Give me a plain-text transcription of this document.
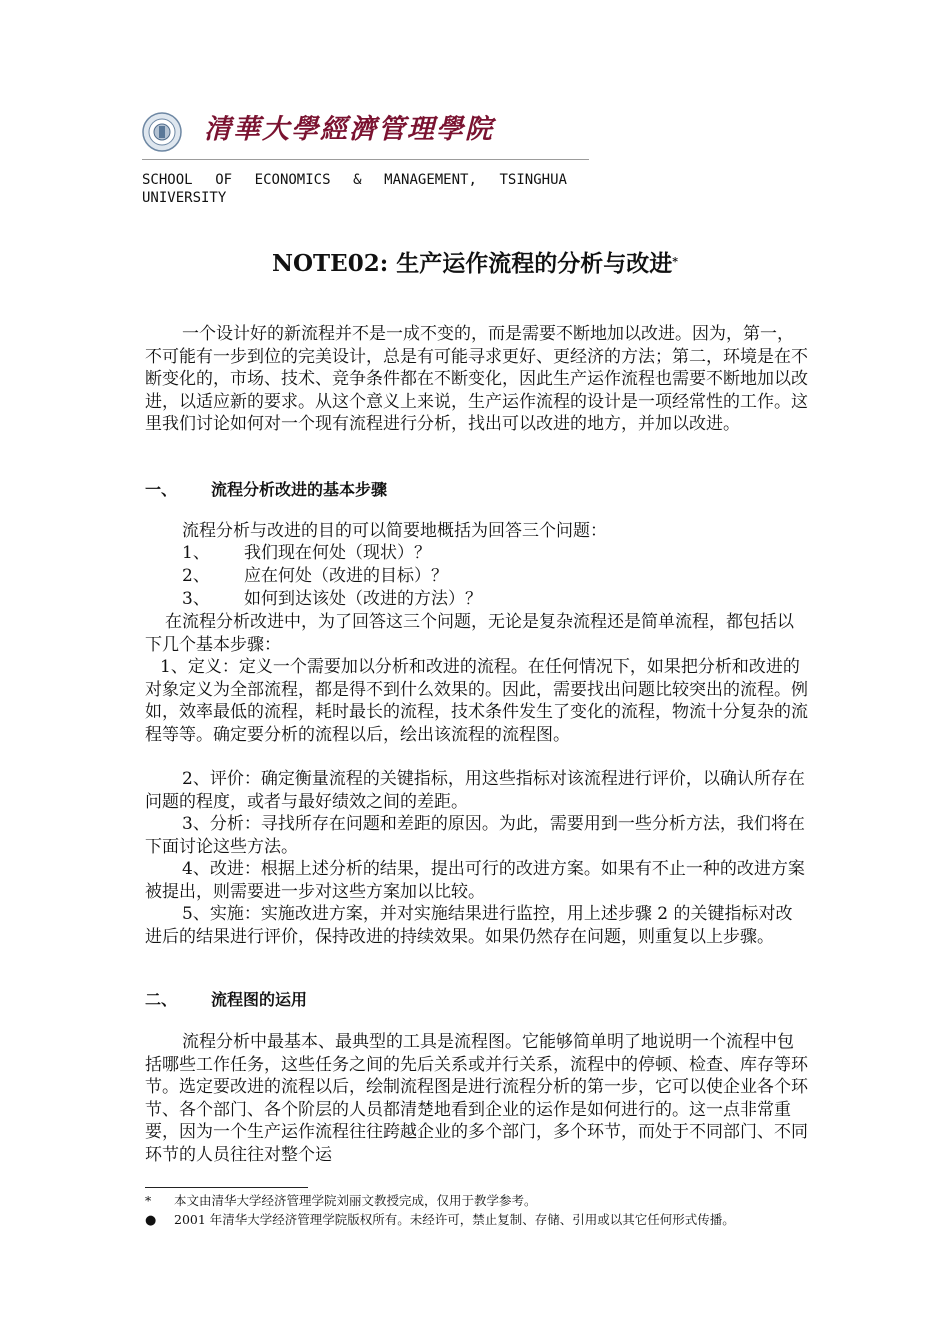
清華大學經濟管理學院
SCHOOL OF ECONOMICS & MANAGEMENT, TSINGHUA
UNIVERSITY
NOTE02: 生产运作流程的分析与改进*

一个设计好的新流程并不是一成不变的，而是需要不断地加以改进。因为，第一，不可能有一步到位的完美设计，总是有可能寻求更好、更经济的方法；第二，环境是在不断变化的，市场、技术、竞争条件都在不断变化，因此生产运作流程也需要不断地加以改进，以适应新的要求。从这个意义上来说，生产运作流程的设计是一项经常性的工作。这里我们讨论如何对一个现有流程进行分析，找出可以改进的地方，并加以改进。

一、 流程分析改进的基本步骤

流程分析与改进的目的可以简要地概括为回答三个问题：

1、 我们现在何处（现状）？
2、 应在何处（改进的目标）？
3、 如何到达该处（改进的方法）？

在流程分析改进中，为了回答这三个问题，无论是复杂流程还是简单流程，都包括以下几个基本步骤：

1、定义：定义一个需要加以分析和改进的流程。在任何情况下，如果把分析和改进的对象定义为全部流程，都是得不到什么效果的。因此，需要找出问题比较突出的流程。例如，效率最低的流程，耗时最长的流程，技术条件发生了变化的流程，物流十分复杂的流程等等。确定要分析的流程以后，绘出该流程的流程图。

2、评价：确定衡量流程的关键指标，用这些指标对该流程进行评价，以确认所存在问题的程度，或者与最好绩效之间的差距。

3、分析：寻找所存在问题和差距的原因。为此，需要用到一些分析方法，我们将在下面讨论这些方法。

4、改进：根据上述分析的结果，提出可行的改进方案。如果有不止一种的改进方案被提出，则需要进一步对这些方案加以比较。

5、实施：实施改进方案，并对实施结果进行监控，用上述步骤 2 的关键指标对改进后的结果进行评价，保持改进的持续效果。如果仍然存在问题，则重复以上步骤。

二、 流程图的运用

流程分析中最基本、最典型的工具是流程图。它能够简单明了地说明一个流程中包括哪些工作任务，这些任务之间的先后关系或并行关系，流程中的停顿、检查、库存等环节。选定要改进的流程以后，绘制流程图是进行流程分析的第一步，它可以使企业各个环节、各个部门、各个阶层的人员都清楚地看到企业的运作是如何进行的。这一点非常重要，因为一个生产运作流程往往跨越企业的多个部门，多个环节，而处于不同部门、不同环节的人员往往对整个运

* 本文由清华大学经济管理学院刘丽文教授完成，仅用于教学参考。
● 2001 年清华大学经济管理学院版权所有。未经许可，禁止复制、存储、引用或以其它任何形式传播。
